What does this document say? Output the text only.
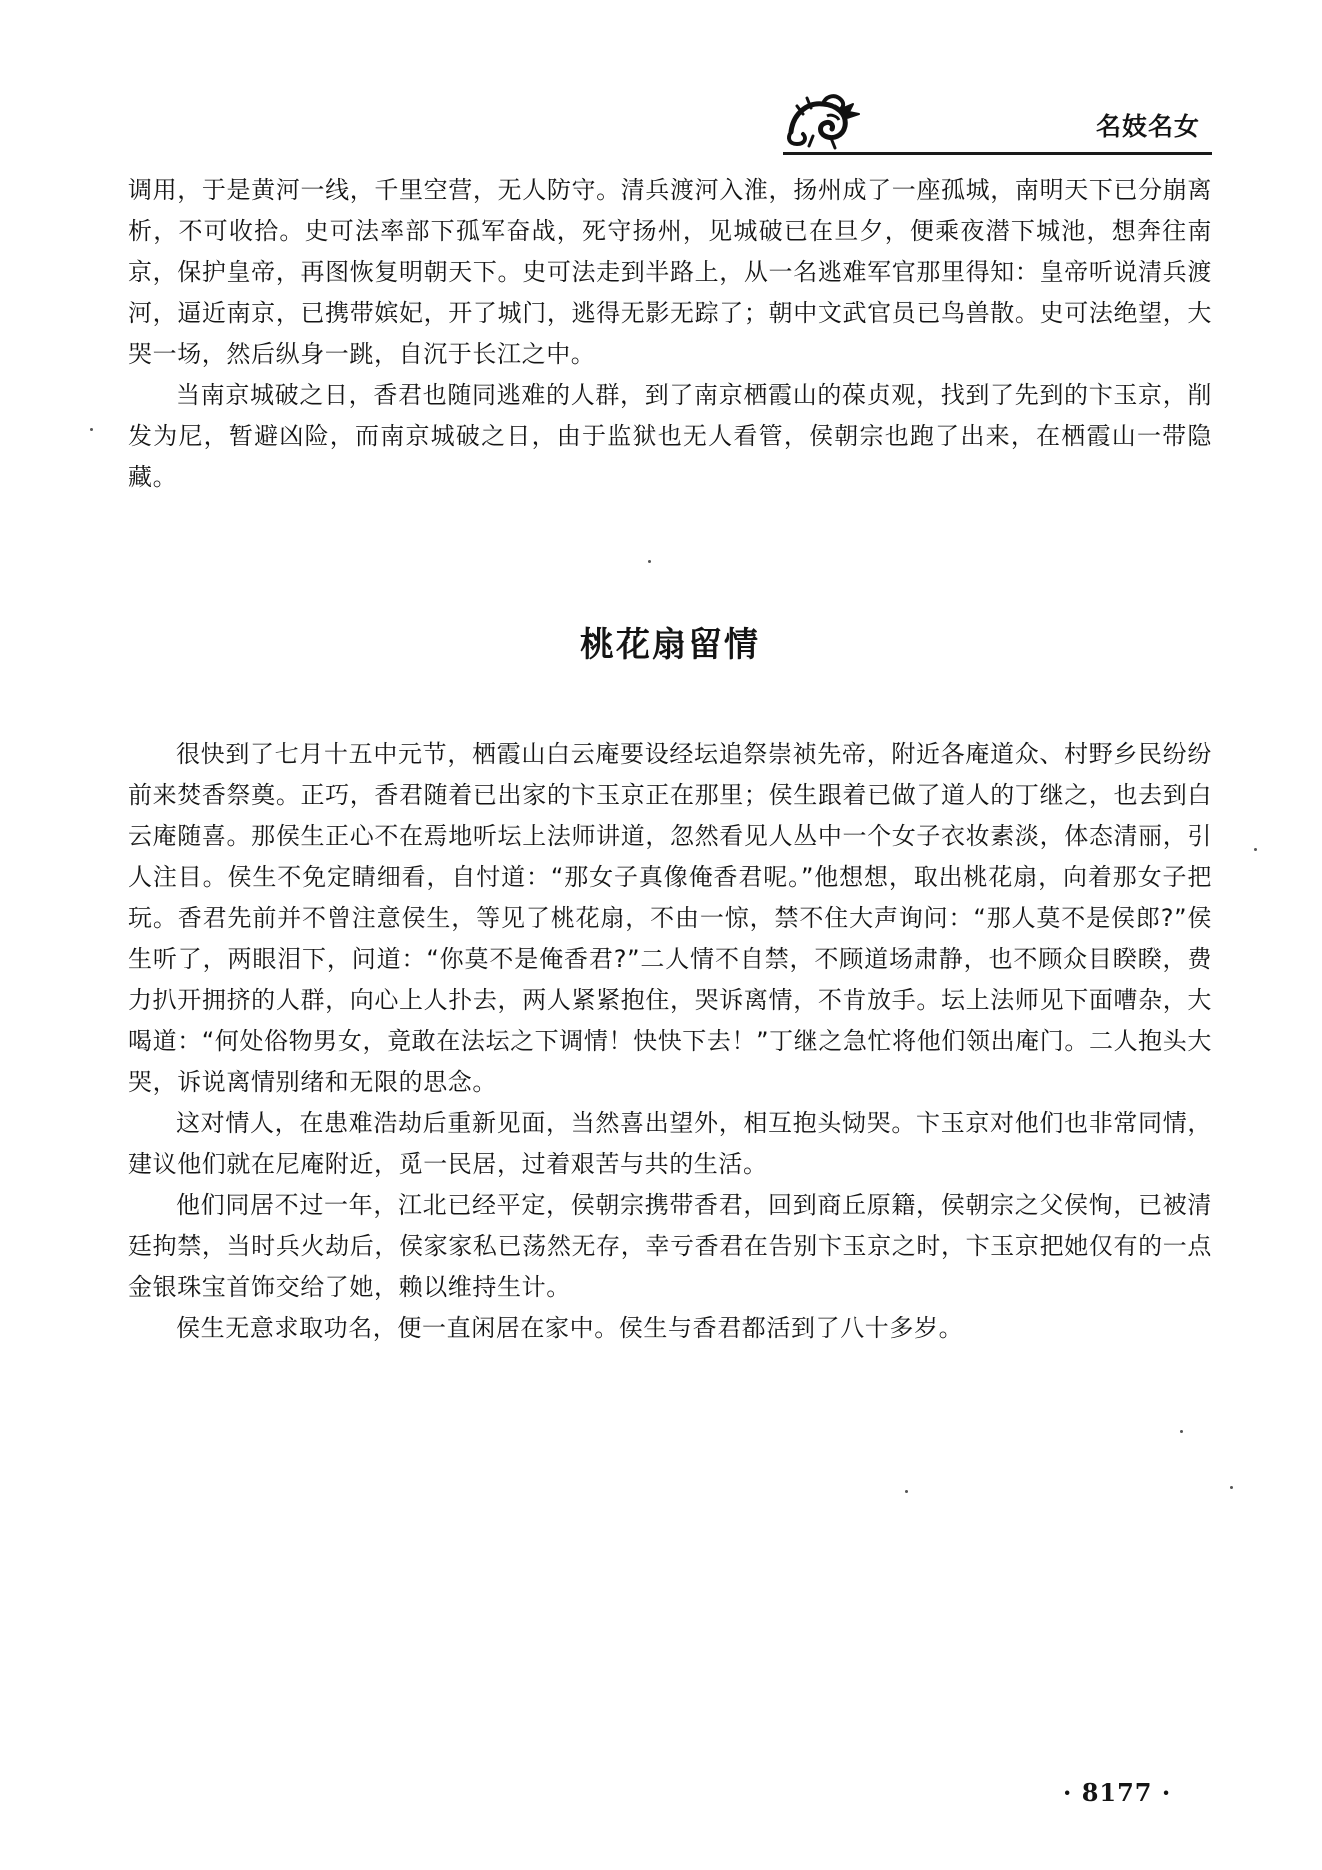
名妓名女

调用，于是黄河一线，千里空营，无人防守。清兵渡河入淮，扬州成了一座孤城，南明天下已分崩离析，不可收拾。史可法率部下孤军奋战，死守扬州，见城破已在旦夕，便乘夜潜下城池，想奔往南京，保护皇帝，再图恢复明朝天下。史可法走到半路上，从一名逃难军官那里得知：皇帝听说清兵渡河，逼近南京，已携带嫔妃，开了城门，逃得无影无踪了；朝中文武官员已鸟兽散。史可法绝望，大哭一场，然后纵身一跳，自沉于长江之中。

当南京城破之日，香君也随同逃难的人群，到了南京栖霞山的葆贞观，找到了先到的卞玉京，削发为尼，暂避凶险，而南京城破之日，由于监狱也无人看管，侯朝宗也跑了出来，在栖霞山一带隐藏。

桃花扇留情

很快到了七月十五中元节，栖霞山白云庵要设经坛追祭崇祯先帝，附近各庵道众、村野乡民纷纷前来焚香祭奠。正巧，香君随着已出家的卞玉京正在那里；侯生跟着已做了道人的丁继之，也去到白云庵随喜。那侯生正心不在焉地听坛上法师讲道，忽然看见人丛中一个女子衣妆素淡，体态清丽，引人注目。侯生不免定睛细看，自忖道：“那女子真像俺香君呢。”他想想，取出桃花扇，向着那女子把玩。香君先前并不曾注意侯生，等见了桃花扇，不由一惊，禁不住大声询问：“那人莫不是侯郎?”侯生听了，两眼泪下，问道：“你莫不是俺香君?”二人情不自禁，不顾道场肃静，也不顾众目睽睽，费力扒开拥挤的人群，向心上人扑去，两人紧紧抱住，哭诉离情，不肯放手。坛上法师见下面嘈杂，大喝道：“何处俗物男女，竟敢在法坛之下调情！快快下去！”丁继之急忙将他们领出庵门。二人抱头大哭，诉说离情别绪和无限的思念。

这对情人，在患难浩劫后重新见面，当然喜出望外，相互抱头恸哭。卞玉京对他们也非常同情，建议他们就在尼庵附近，觅一民居，过着艰苦与共的生活。

他们同居不过一年，江北已经平定，侯朝宗携带香君，回到商丘原籍，侯朝宗之父侯恂，已被清廷拘禁，当时兵火劫后，侯家家私已荡然无存，幸亏香君在告别卞玉京之时，卞玉京把她仅有的一点金银珠宝首饰交给了她，赖以维持生计。

侯生无意求取功名，便一直闲居在家中。侯生与香君都活到了八十多岁。

· 8177 ·
